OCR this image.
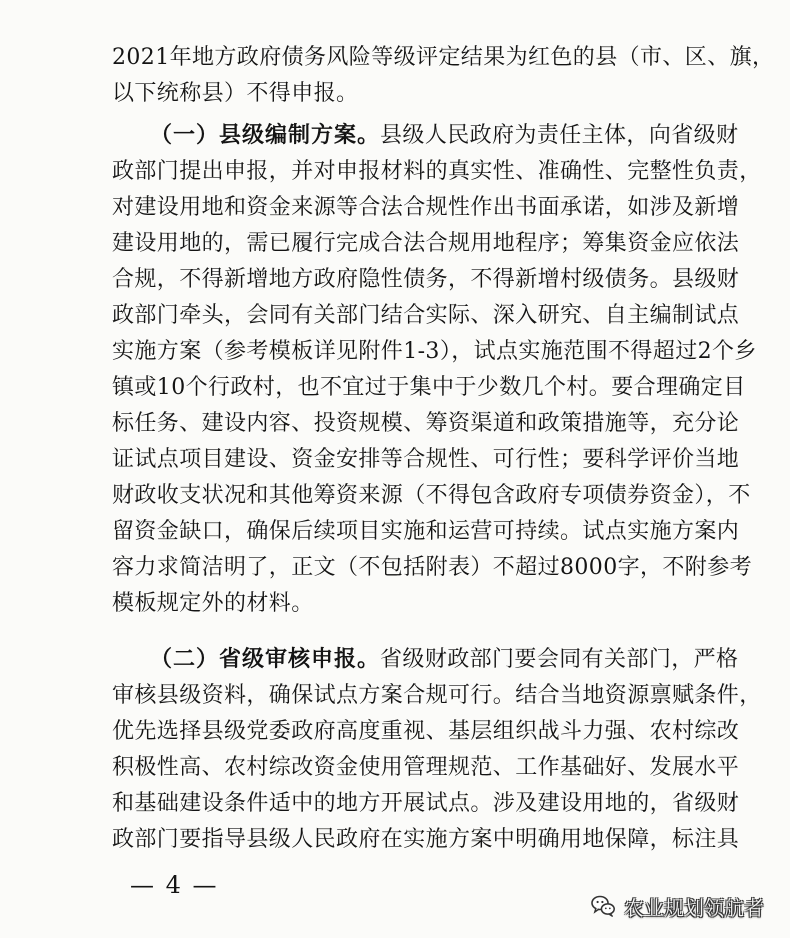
2021年地方政府债务风险等级评定结果为红色的县（市、区、旗，
以下统称县）不得申报。
（一）县级编制方案。县级人民政府为责任主体，向省级财
政部门提出申报，并对申报材料的真实性、准确性、完整性负责，
对建设用地和资金来源等合法合规性作出书面承诺，如涉及新增
建设用地的，需已履行完成合法合规用地程序；筹集资金应依法
合规，不得新增地方政府隐性债务，不得新增村级债务。县级财
政部门牵头，会同有关部门结合实际、深入研究、自主编制试点
实施方案（参考模板详见附件1-3），试点实施范围不得超过2个乡
镇或10个行政村，也不宜过于集中于少数几个村。要合理确定目
标任务、建设内容、投资规模、筹资渠道和政策措施等，充分论
证试点项目建设、资金安排等合规性、可行性；要科学评价当地
财政收支状况和其他筹资来源（不得包含政府专项债券资金），不
留资金缺口，确保后续项目实施和运营可持续。试点实施方案内
容力求简洁明了，正文（不包括附表）不超过8000字，不附参考
模板规定外的材料。
（二）省级审核申报。省级财政部门要会同有关部门，严格
审核县级资料，确保试点方案合规可行。结合当地资源禀赋条件，
优先选择县级党委政府高度重视、基层组织战斗力强、农村综改
积极性高、农村综改资金使用管理规范、工作基础好、发展水平
和基础建设条件适中的地方开展试点。涉及建设用地的，省级财
政部门要指导县级人民政府在实施方案中明确用地保障，标注具
— 4 —
农业规划领航者
